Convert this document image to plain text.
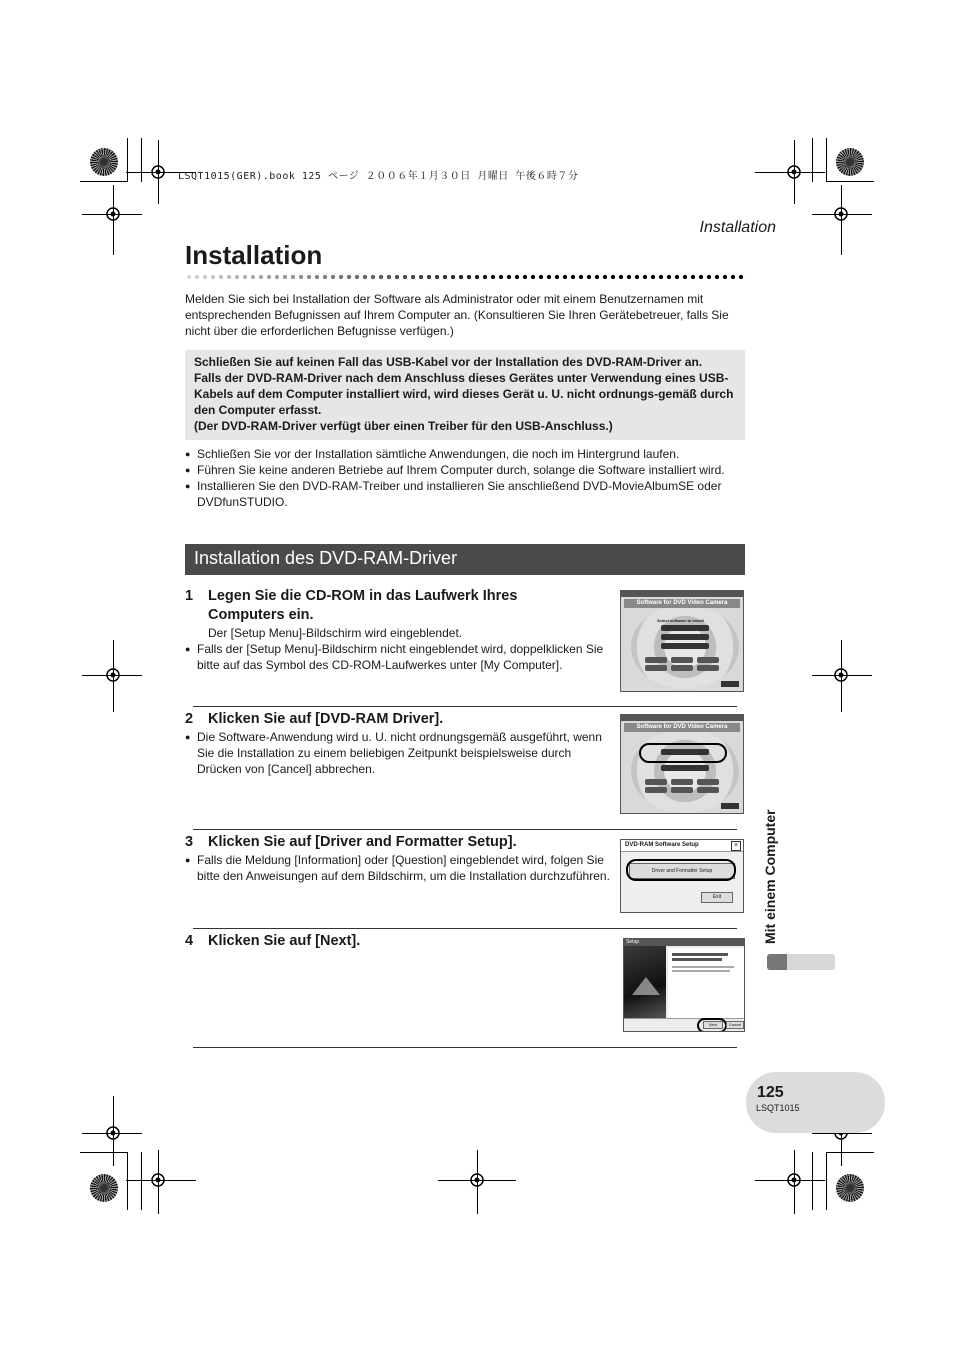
LSQT1015(GER).book 125 ページ ２００６年１月３０日 月曜日 午後６時７分
Installation
Installation

Melden Sie sich bei Installation der Software als Administrator oder mit einem Benutzernamen mit entsprechenden Befugnissen auf Ihrem Computer an. (Konsultieren Sie Ihren Gerätebetreuer, falls Sie nicht über die erforderlichen Befugnisse verfügen.)

Schließen Sie auf keinen Fall das USB-Kabel vor der Installation des DVD-RAM-Driver an.
Falls der DVD-RAM-Driver nach dem Anschluss dieses Gerätes unter Verwendung eines USB-Kabels auf dem Computer installiert wird, wird dieses Gerät u. U. nicht ordnungs-gemäß durch den Computer erfasst.
(Der DVD-RAM-Driver verfügt über einen Treiber für den USB-Anschluss.)
● Schließen Sie vor der Installation sämtliche Anwendungen, die noch im Hintergrund laufen.
● Führen Sie keine anderen Betriebe auf Ihrem Computer durch, solange die Software installiert wird.
● Installieren Sie den DVD-RAM-Treiber und installieren Sie anschließend DVD-MovieAlbumSE oder DVDfunSTUDIO.
Installation des DVD-RAM-Driver
1 Legen Sie die CD-ROM in das Laufwerk Ihres Computers ein.
Der [Setup Menu]-Bildschirm wird eingeblendet.
● Falls der [Setup Menu]-Bildschirm nicht eingeblendet wird, doppelklicken Sie bitte auf das Symbol des CD-ROM-Laufwerkes unter [My Computer].
Software for DVD Video Camera
Select software to install
2 Klicken Sie auf [DVD-RAM Driver].
● Die Software-Anwendung wird u. U. nicht ordnungsgemäß ausgeführt, wenn Sie die Installation zu einem beliebigen Zeitpunkt beispielsweise durch Drücken von [Cancel] abbrechen.
Software for DVD Video Camera
3 Klicken Sie auf [Driver and Formatter Setup].
● Falls die Meldung [Information] oder [Question] eingeblendet wird, folgen Sie bitte den Anweisungen auf dem Bildschirm, um die Installation durchzuführen.
DVD-RAM Software Setup	×
Driver and Formatter Setup
Exit
4 Klicken Sie auf [Next].	Setup
Next	Cancel
Mit einem Computer
125
LSQT1015
